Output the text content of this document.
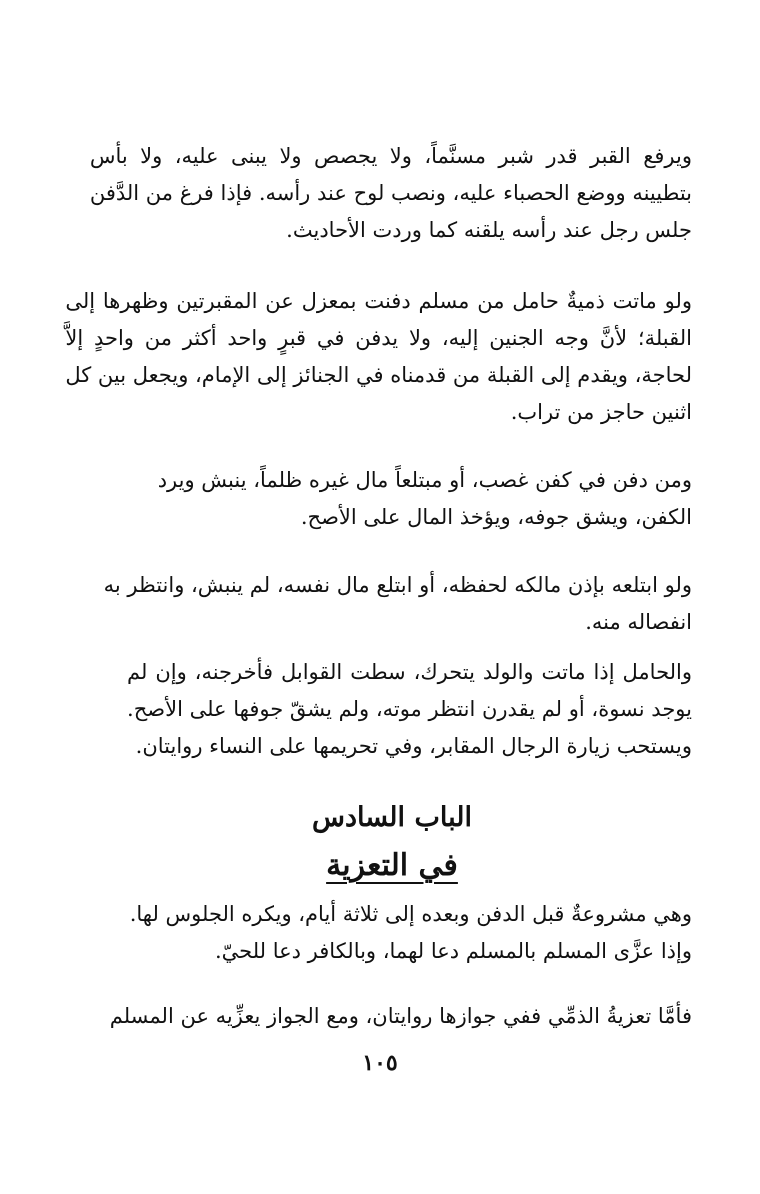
ويرفع القبر قدر شبر مسنَّماً، ولا يجصص ولا يبنى عليه، ولا بأس
بتطيينه ووضع الحصباء عليه، ونصب لوح عند رأسه. فإذا فرغ من الدَّفن
جلس رجل عند رأسه يلقنه كما وردت الأحاديث.

ولو ماتت ذميةٌ حامل من مسلم دفنت بمعزل عن المقبرتين وظهرها إلى
القبلة؛ لأنَّ وجه الجنين إليه، ولا يدفن في قبرٍ واحد أكثر من واحدٍ إلاَّ
لحاجة، ويقدم إلى القبلة من قدمناه في الجنائز إلى الإمام، ويجعل بين كل
اثنين حاجز من تراب.

ومن دفن في كفن غصب، أو مبتلعاً مال غيره ظلماً، ينبش ويرد
الكفن، ويشق جوفه، ويؤخذ المال على الأصح.

ولو ابتلعه بإذن مالكه لحفظه، أو ابتلع مال نفسه، لم ينبش، وانتظر به
انفصاله منه.

والحامل إذا ماتت والولد يتحرك، سطت القوابل فأخرجنه، وإن لم
يوجد نسوة، أو لم يقدرن انتظر موته، ولم يشقّ جوفها على الأصح.
ويستحب زيارة الرجال المقابر، وفي تحريمها على النساء روايتان.

الباب السادس
في التعزية

وهي مشروعةٌ قبل الدفن وبعده إلى ثلاثة أيام، ويكره الجلوس لها.
وإذا عزَّى المسلم بالمسلم دعا لهما، وبالكافر دعا للحيّ.

فأمَّا تعزيةُ الذمِّي ففي جوازها روايتان، ومع الجواز يعزِّيه عن المسلم

١٠٥
